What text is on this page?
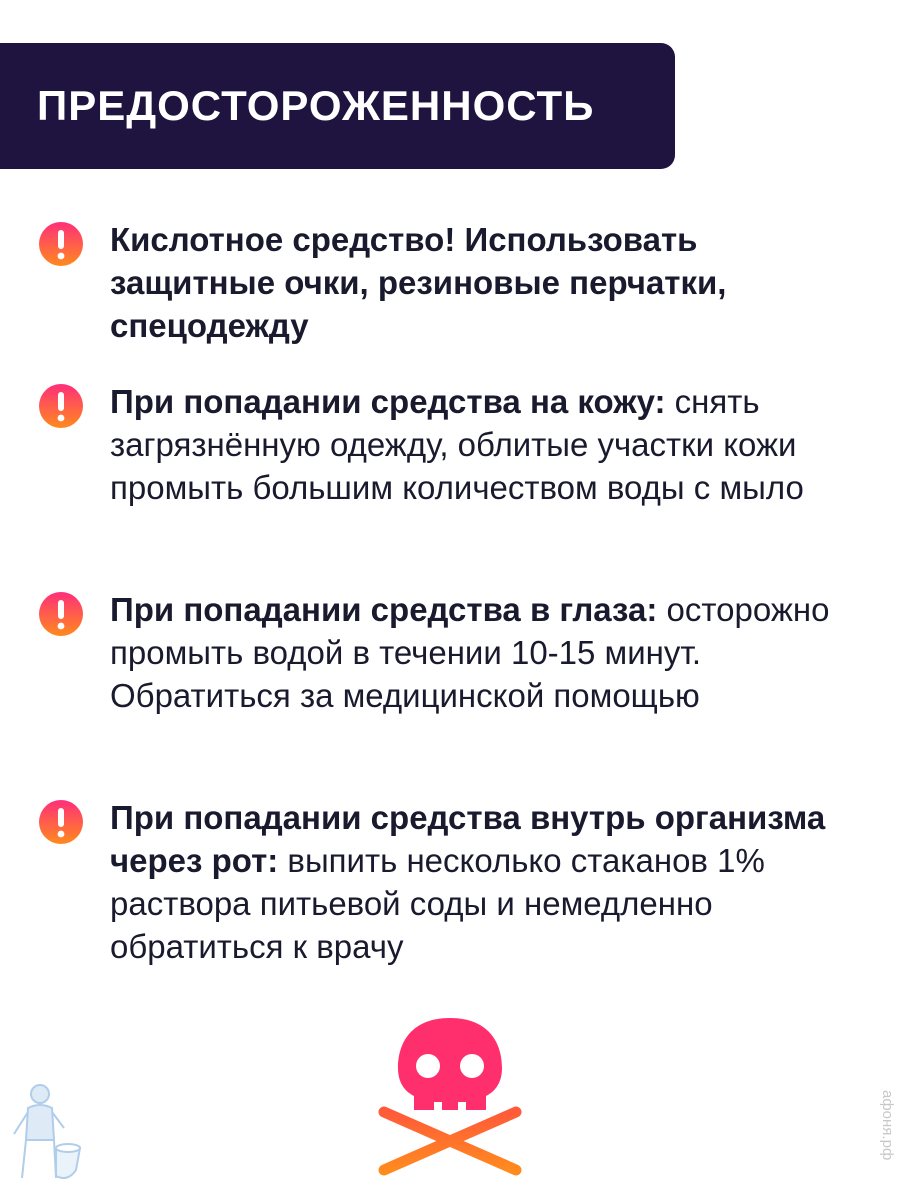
ПРЕДОСТОРОЖЕННОСТЬ
Кислотное средство! Использовать защитные очки, резиновые перчатки, спецодежду
При попадании средства на кожу: снять загрязнённую одежду, облитые участки кожи промыть большим количеством воды с мыло
При попадании средства в глаза: осторожно промыть водой в течении 10-15 минут. Обратиться за медицинской помощью
При попадании средства внутрь организма через рот: выпить несколько стаканов 1% раствора питьевой соды и немедленно обратиться к врачу
афоня.рф
